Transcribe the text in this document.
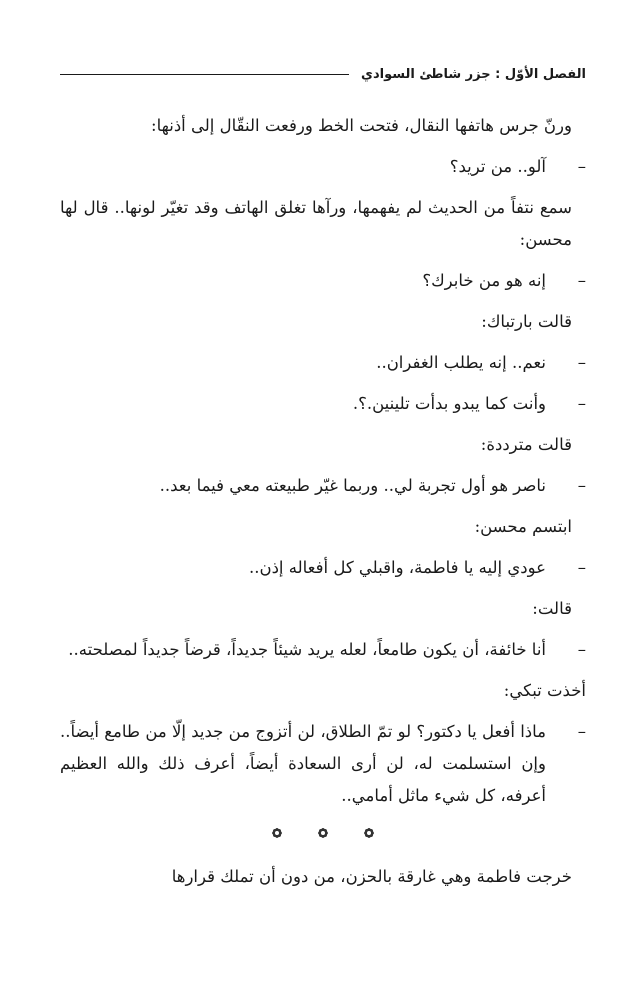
الفصل الأوّل : جزر شاطئ السوادي

ورنّ جرس هاتفها النقال، فتحت الخط ورفعت النقّال إلى أذنها:

–
آلو.. من تريد؟

سمع نتفاً من الحديث لم يفهمها، ورآها تغلق الهاتف وقد تغيّر لونها.. قال لها محسن:

–
إنه هو من خابرك؟

قالت بارتباك:

–
نعم.. إنه يطلب الغفران..
–
وأنت كما يبدو بدأت تلينين.؟.

قالت مترددة:

–
ناصر هو أول تجربة لي.. وربما غيّر طبيعته معي فيما بعد..

ابتسم محسن:

–
عودي إليه يا فاطمة، واقبلي كل أفعاله إذن..

قالت:

–
أنا خائفة، أن يكون طامعاً، لعله يريد شيئاً جديداً، قرضاً جديداً لمصلحته..

أخذت تبكي:

–
ماذا أفعل يا دكتور؟ لو تمّ الطلاق، لن أتزوج من جديد إلّا من طامع أيضاً.. وإن استسلمت له، لن أرى السعادة أيضاً، أعرف ذلك والله العظيم أعرفه، كل شيء ماثل أمامي..

خرجت فاطمة وهي غارقة بالحزن، من دون أن تملك قرارها
